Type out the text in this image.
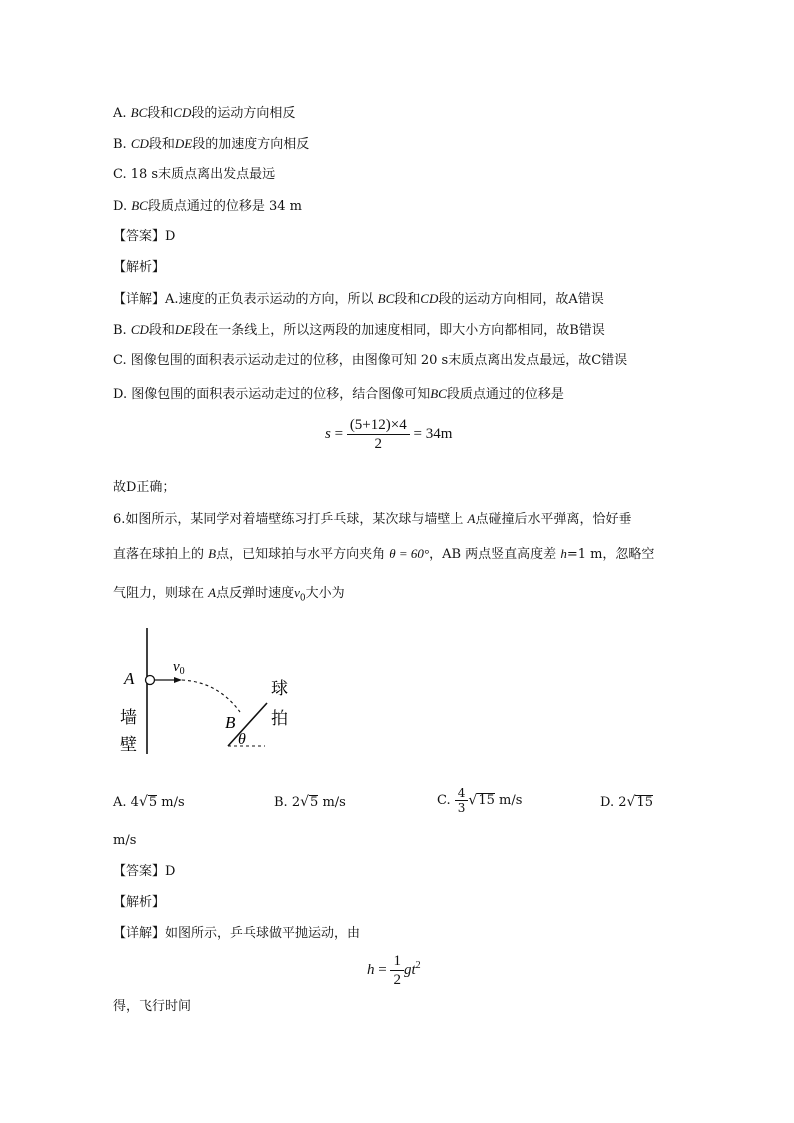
A. BC段和CD段的运动方向相反
B. CD段和DE段的加速度方向相反
C. 18 s末质点离出发点最远
D. BC段质点通过的位移是 34 m
【答案】D
【解析】
【详解】A.速度的正负表示运动的方向，所以 BC段和CD段的运动方向相同，故A错误
B. CD段和DE段在一条线上，所以这两段的加速度相同，即大小方向都相同，故B错误
C. 图像包围的面积表示运动走过的位移，由图像可知 20 s末质点离出发点最远，故C错误
D. 图像包围的面积表示运动走过的位移，结合图像可知BC段质点通过的位移是
$s = \frac{(5+12)\times 4}{2} = 34m$
故D正确；
6.如图所示，某同学对着墙壁练习打乒乓球，某次球与墙壁上 A点碰撞后水平弹离，恰好垂
直落在球拍上的 B点，已知球拍与水平方向夹角 θ = 60°，AB 两点竖直高度差 h=1 m，忽略空
气阻力，则球在 A点反弹时速度$v_0$大小为
A
$v_0$
B
θ
墙
壁
球
拍
A. 4√5 m/s	B. 2√5 m/s	C. $\frac{4}{3} √15$ m/s	D. 2√15
m/s
【答案】D
【解析】
【详解】如图所示，乒乓球做平抛运动，由
$h = \frac{1}{2} gt^2$
得，飞行时间
